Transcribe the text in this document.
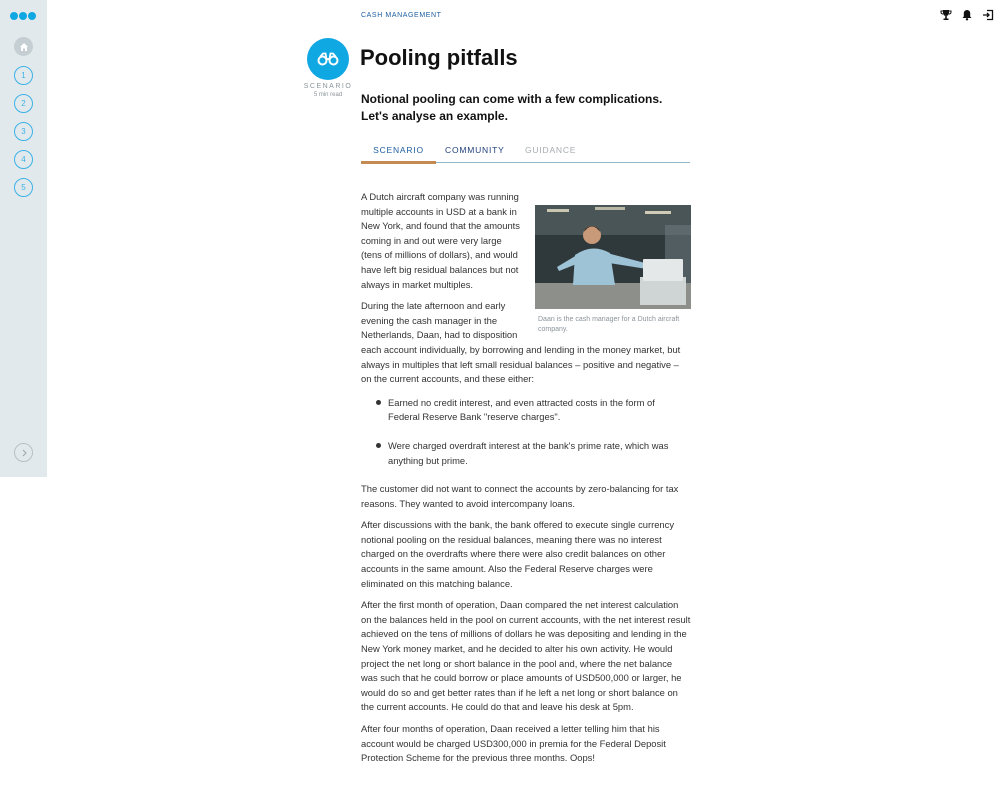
1
2
3
4
5
CASH MANAGEMENT
SCENARIO
5 min read
Pooling pitfalls
Notional pooling can come with a few complications. Let's analyse an example.
SCENARIO	COMMUNITY GUIDANCE
Daan is the cash manager for a Dutch aircraft company.

A Dutch aircraft company was running multiple accounts in USD at a bank in New York, and found that the amounts coming in and out were very large (tens of millions of dollars), and would have left big residual balances but not always in market multiples.

During the late afternoon and early evening the cash manager in the Netherlands, Daan, had to disposition each account individually, by borrowing and lending in the money market, but always in multiples that left small residual balances – positive and negative – on the current accounts, and these either:

Earned no credit interest, and even attracted costs in the form of Federal Reserve Bank "reserve charges".
Were charged overdraft interest at the bank's prime rate, which was anything but prime.

The customer did not want to connect the accounts by zero-balancing for tax reasons. They wanted to avoid intercompany loans.

After discussions with the bank, the bank offered to execute single currency notional pooling on the residual balances, meaning there was no interest charged on the overdrafts where there were also credit balances on other accounts in the same amount. Also the Federal Reserve charges were eliminated on this matching balance.

After the first month of operation, Daan compared the net interest calculation on the balances held in the pool on current accounts, with the net interest result achieved on the tens of millions of dollars he was depositing and lending in the New York money market, and he decided to alter his own activity. He would project the net long or short balance in the pool and, where the net balance was such that he could borrow or place amounts of USD500,000 or larger, he would do so and get better rates than if he left a net long or short balance on the current accounts. He could do that and leave his desk at 5pm.

After four months of operation, Daan received a letter telling him that his account would be charged USD300,000 in premia for the Federal Deposit Protection Scheme for the previous three months. Oops!
